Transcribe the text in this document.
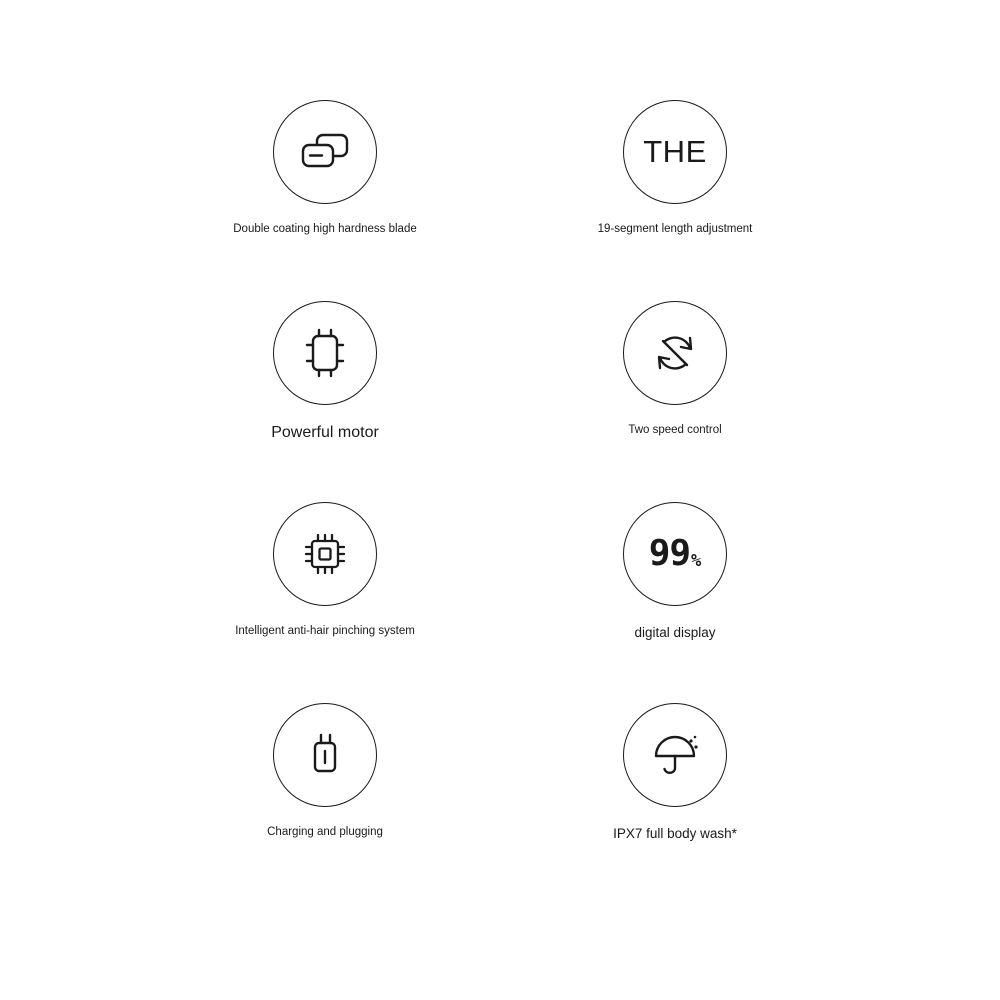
Double coating high hardness blade
THE
19-segment length adjustment
Powerful motor	Two speed control
Intelligent anti-hair pinching system
99 %
digital display
Charging and plugging	IPX7 full body wash*
